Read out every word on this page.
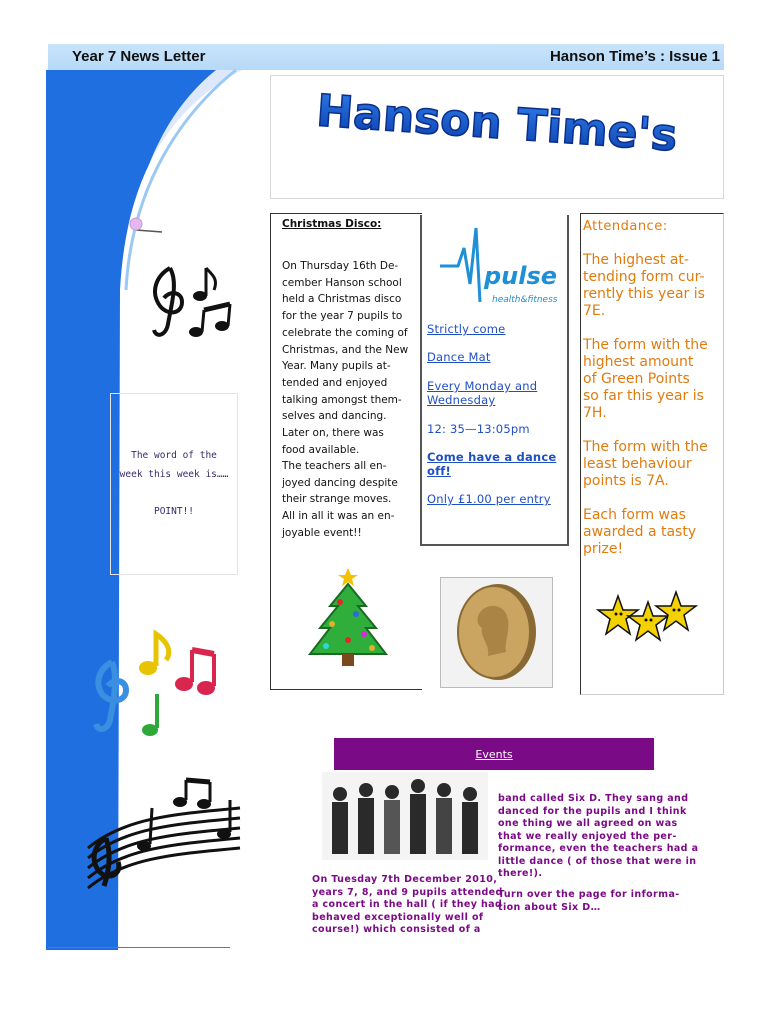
Year 7 News Letter	Hanson Time’s : Issue 1
Hanson Time's
The word of the
week this week is……
POINT!!
Christmas Disco:
On Thursday 16th De-
cember Hanson school
held a Christmas disco
for the year 7 pupils to
celebrate the coming of
Christmas, and the New
Year. Many pupils at-
tended and enjoyed
talking amongst them-
selves and dancing.
Later on, there was
food available.
The teachers all en-
joyed dancing despite
their strange moves.
All in all it was an en-
joyable event!!
pulse
health&fitness
Strictly come
Dance Mat
Every Monday and
Wednesday
12: 35—13:05pm
Come have a dance
off!
Only £1.00 per entry
Attendance:
The highest at-
tending form cur-
rently this year is
7E.
The form with the
highest amount
of Green Points
so far this year is
7H.
The form with the
least behaviour
points is 7A.
Each form was
awarded a tasty
prize!
Events
On Tuesday 7th December 2010,
years 7, 8, and 9 pupils attended
a concert in the hall ( if they had
behaved exceptionally well of
course!) which consisted of a
band called Six D. They sang and
danced for the pupils and I think
one thing we all agreed on was
that we really enjoyed the per-
formance, even the teachers had a
little dance ( of those that were in
there!).
Turn over the page for informa-
tion about Six D…
